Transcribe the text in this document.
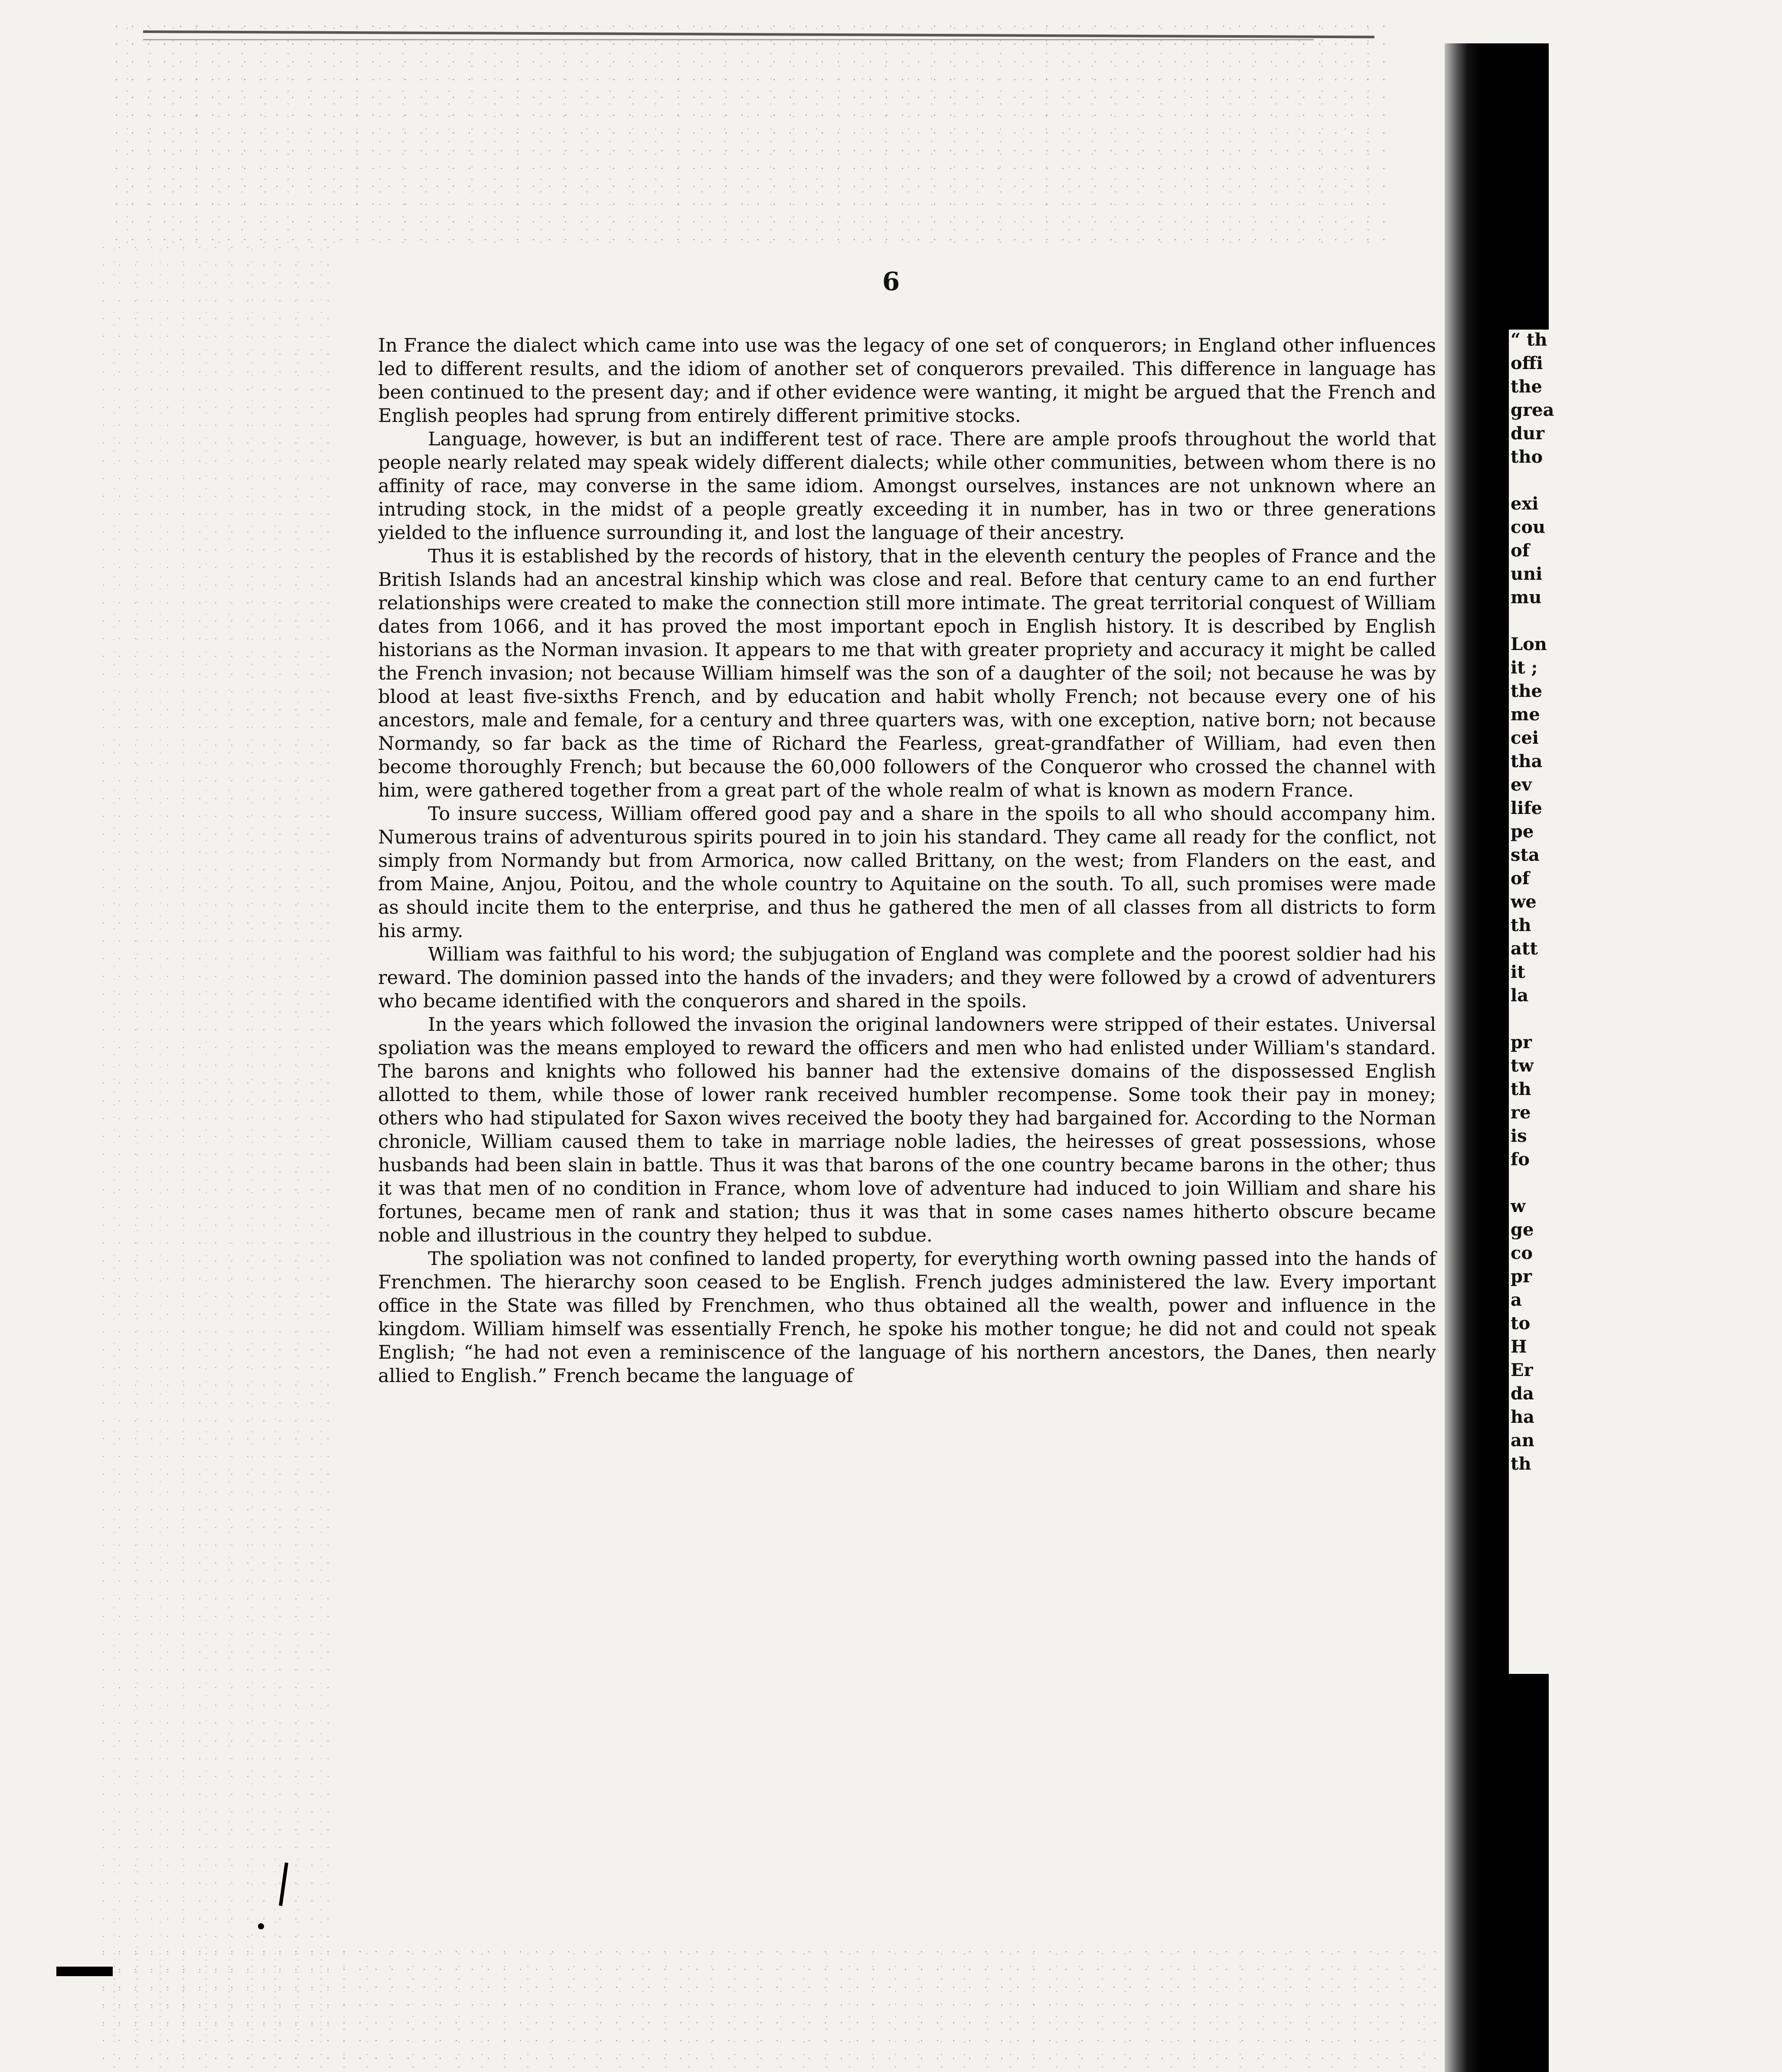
“ th
offi
the
grea
dur
tho
exi
cou
of
uni
mu
Lon
it ;
the
me
cei
tha
ev
life
pe
sta
of
we
th
att
it
la
pr
tw
th
re
is
fo
w
ge
co
pr
a
to
H
Er
da
ha
an
th
6

In France the dialect which came into use was the legacy of one set of conquerors; in England other influences led to different results, and the idiom of another set of conquerors prevailed. This difference in language has been continued to the present day; and if other evidence were wanting, it might be argued that the French and English peoples had sprung from entirely different primitive stocks.

Language, however, is but an indifferent test of race. There are ample proofs throughout the world that people nearly related may speak widely different dialects; while other communities, between whom there is no affinity of race, may converse in the same idiom. Amongst ourselves, instances are not unknown where an intruding stock, in the midst of a people greatly exceeding it in number, has in two or three generations yielded to the influence surrounding it, and lost the language of their ancestry.

Thus it is established by the records of history, that in the eleventh century the peoples of France and the British Islands had an ancestral kinship which was close and real. Before that century came to an end further relationships were created to make the connection still more intimate. The great territorial conquest of William dates from 1066, and it has proved the most important epoch in English history. It is described by English historians as the Norman invasion. It appears to me that with greater propriety and accuracy it might be called the French invasion; not because William himself was the son of a daughter of the soil; not because he was by blood at least five-sixths French, and by education and habit wholly French; not because every one of his ancestors, male and female, for a century and three quarters was, with one exception, native born; not because Normandy, so far back as the time of Richard the Fearless, great-grandfather of William, had even then become thoroughly French; but because the 60,000 followers of the Conqueror who crossed the channel with him, were gathered together from a great part of the whole realm of what is known as modern France.

To insure success, William offered good pay and a share in the spoils to all who should accompany him. Numerous trains of adventurous spirits poured in to join his standard. They came all ready for the conflict, not simply from Normandy but from Armorica, now called Brittany, on the west; from Flanders on the east, and from Maine, Anjou, Poitou, and the whole country to Aquitaine on the south. To all, such promises were made as should incite them to the enterprise, and thus he gathered the men of all classes from all districts to form his army.

William was faithful to his word; the subjugation of England was complete and the poorest soldier had his reward. The dominion passed into the hands of the invaders; and they were followed by a crowd of adventurers who became identified with the conquerors and shared in the spoils.

In the years which followed the invasion the original landowners were stripped of their estates. Universal spoliation was the means employed to reward the officers and men who had enlisted under William's standard. The barons and knights who followed his banner had the extensive domains of the dispossessed English allotted to them, while those of lower rank received humbler recompense. Some took their pay in money; others who had stipulated for Saxon wives received the booty they had bargained for. According to the Norman chronicle, William caused them to take in marriage noble ladies, the heiresses of great possessions, whose husbands had been slain in battle. Thus it was that barons of the one country became barons in the other; thus it was that men of no condition in France, whom love of adventure had induced to join William and share his fortunes, became men of rank and station; thus it was that in some cases names hitherto obscure became noble and illustrious in the country they helped to subdue.

The spoliation was not confined to landed property, for everything worth owning passed into the hands of Frenchmen. The hierarchy soon ceased to be English. French judges administered the law. Every important office in the State was filled by Frenchmen, who thus obtained all the wealth, power and influence in the kingdom. William himself was essentially French, he spoke his mother tongue; he did not and could not speak English; “he had not even a reminiscence of the language of his northern ancestors, the Danes, then nearly allied to English.” French became the language of
